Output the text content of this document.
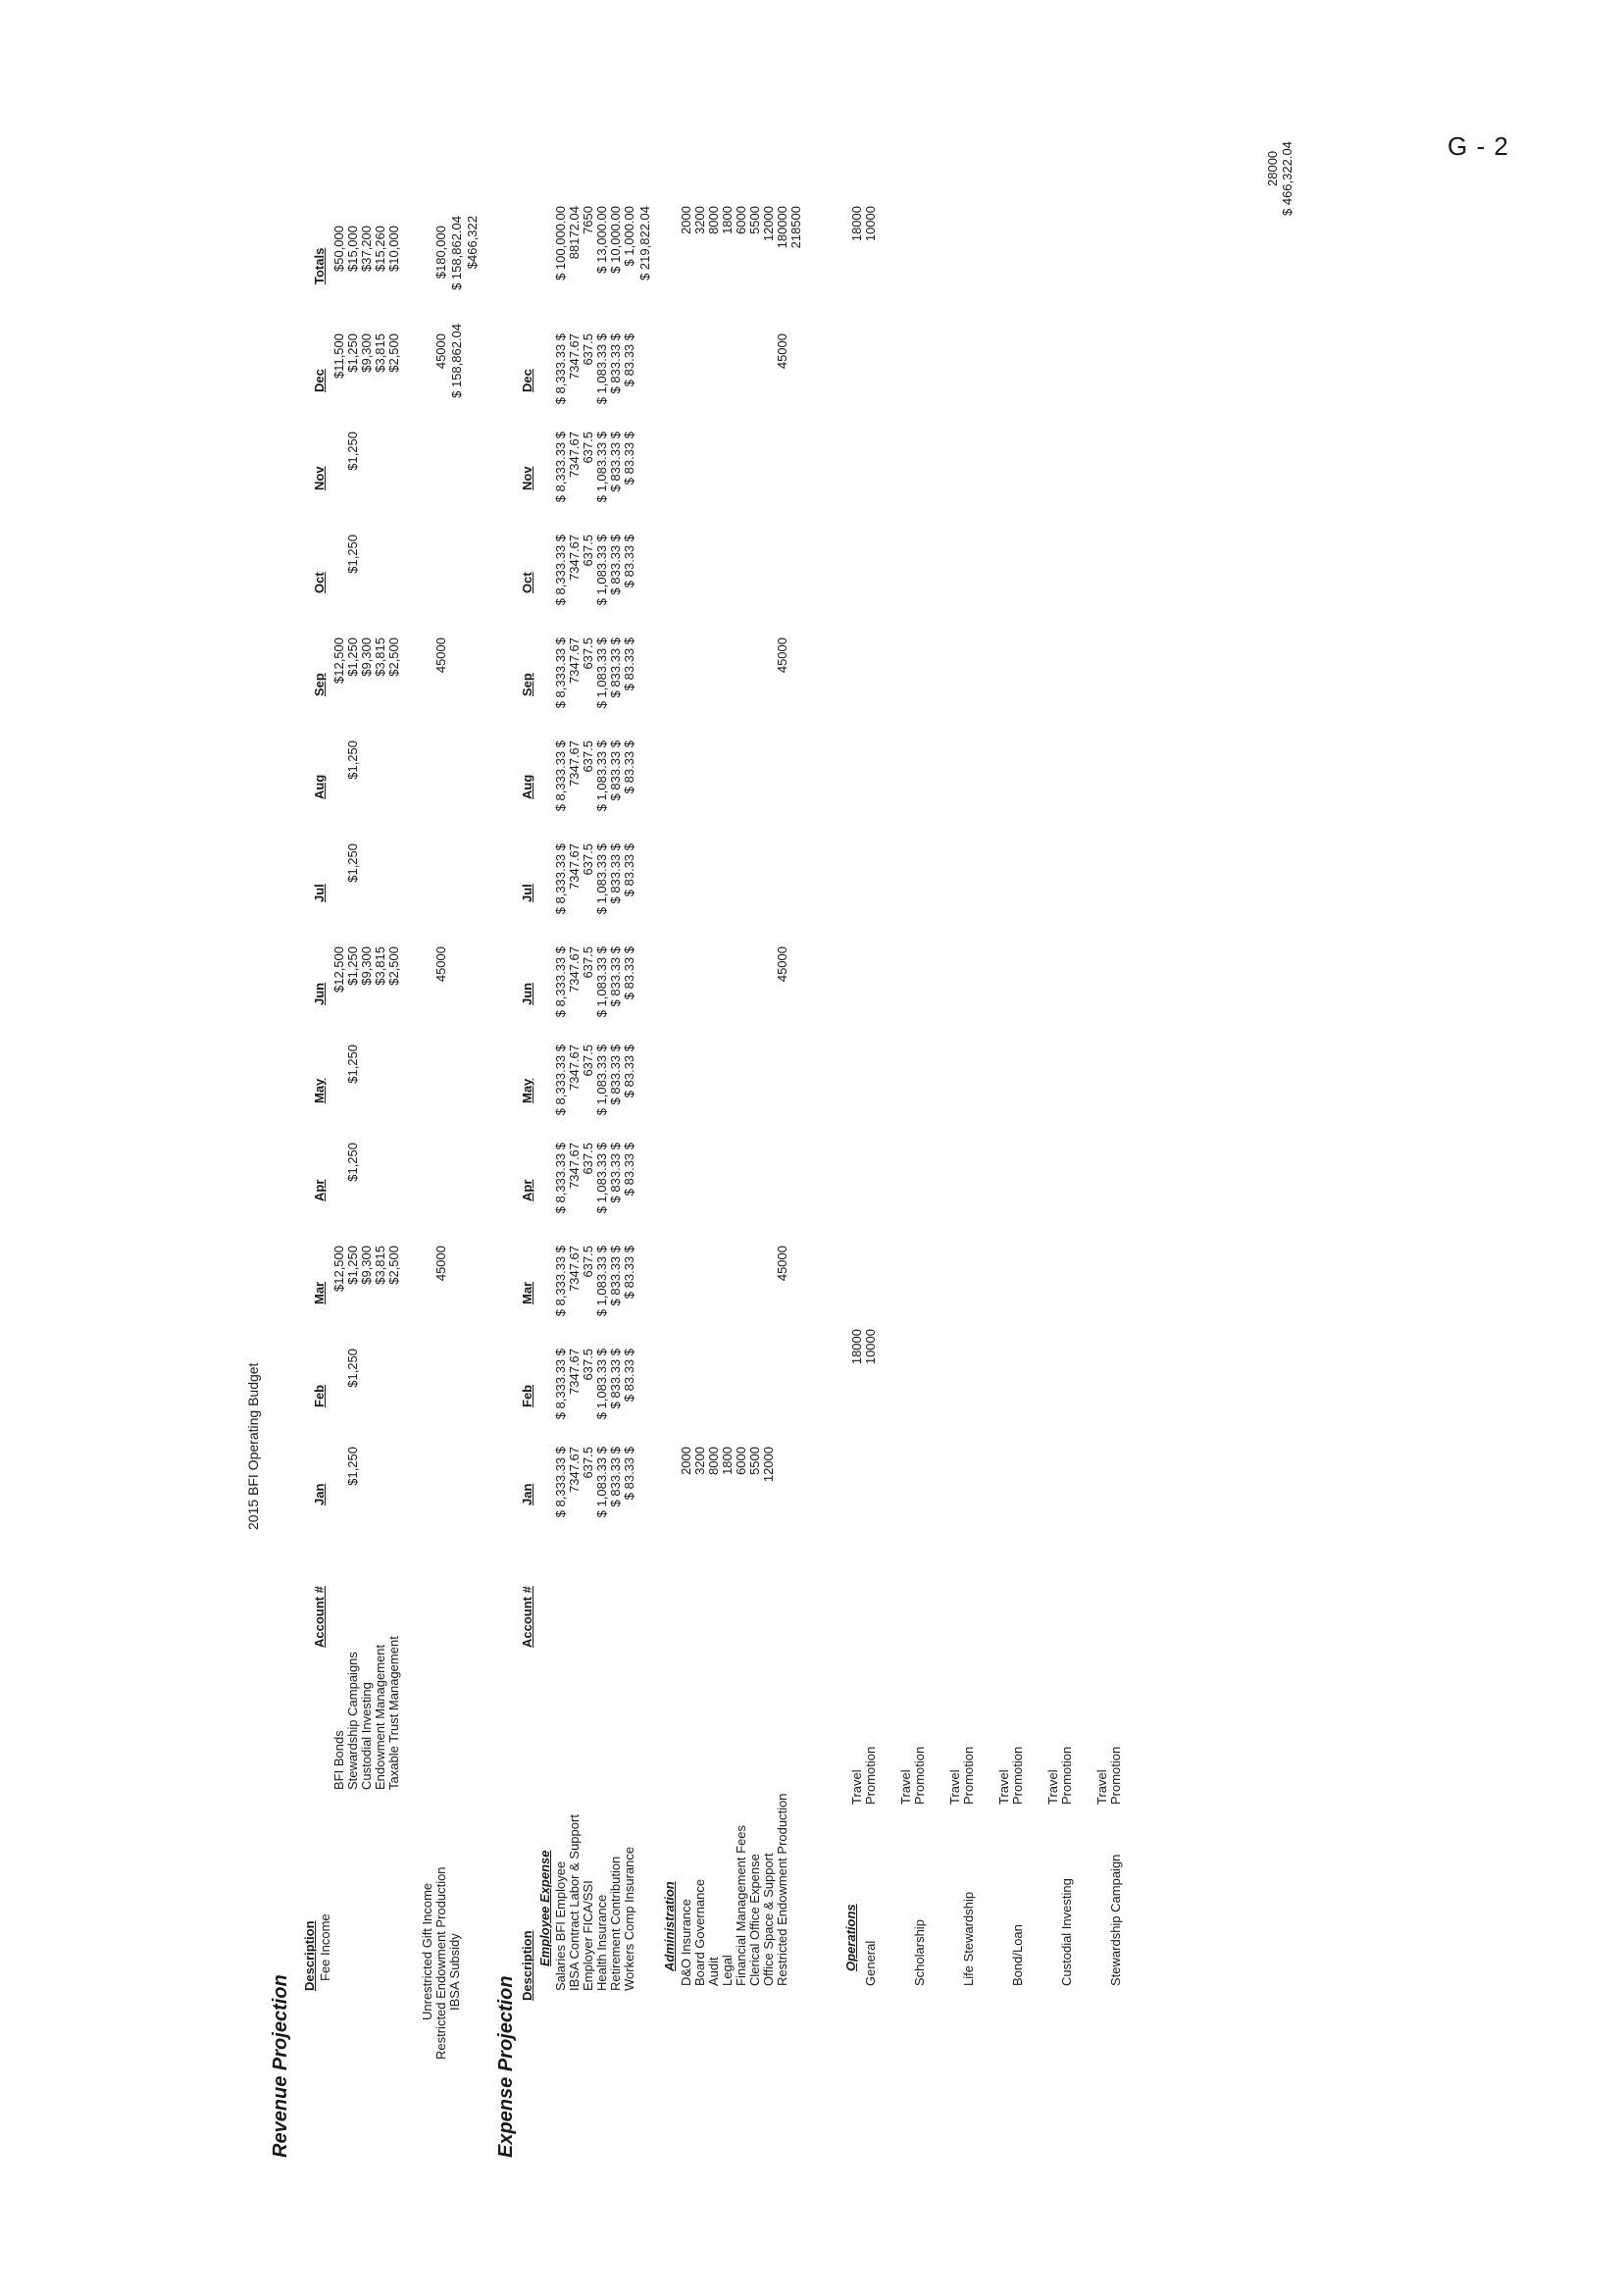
G - 2
2015 BFI Operating Budget
Revenue Projection
Description
Account #
Fee Income
Expense Projection
Description
Account #
Employee Expense	Administration	Operations
28000 $ 466,322.04
Jan
Feb
Mar
Apr
May
Jun
Jul
Aug
Sep
Oct
Nov
Dec
Totals
BFI Bonds Stewardship Campaigns Custodial Investing Endowment Management Taxable Trust Management
Unrestricted Gift Income Restricted Endowment Production IBSA Subsidy
$12,500
$12,500
$12,500
$11,500
$50,000
$1,250
$1,250
$1,250
$1,250
$1,250
$1,250
$1,250
$1,250
$1,250
$1,250
$1,250
$1,250
$15,000
$9,300
$9,300
$9,300
$9,300
$37,200
$3,815
$3,815
$3,815
$3,815
$15,260
$2,500
$2,500
$2,500
$2,500
$10,000
45000
45000
45000
45000
$180,000
$ 158,862.04
$ 158,862.04 $466,322
Jan
Feb
Mar
Apr
May
Jun
Jul
Aug
Sep
Oct
Nov
Dec
Salaries BFI Employee
$ 8,333.33 $
$ 8,333.33 $
$ 8,333.33 $
$ 8,333.33 $
$ 8,333.33 $
$ 8,333.33 $
$ 8,333.33 $
$ 8,333.33 $
$ 8,333.33 $
$ 8,333.33 $
$ 8,333.33 $
$ 8,333.33 $
$ 100,000.00
IBSA Contract Labor & Support
7347.67
7347.67
7347.67
7347.67
7347.67
7347.67
7347.67
7347.67
7347.67
7347.67
7347.67
7347.67
88172.04
Employer FICA/SSI
637.5
637.5
637.5
637.5
637.5
637.5
637.5
637.5
637.5
637.5
637.5
637.5
7650
Health Insurance
$ 1,083.33 $
$ 1,083.33 $
$ 1,083.33 $
$ 1,083.33 $
$ 1,083.33 $
$ 1,083.33 $
$ 1,083.33 $
$ 1,083.33 $
$ 1,083.33 $
$ 1,083.33 $
$ 1,083.33 $
$ 1,083.33 $
$ 13,000.00
Retirement Contribution
$ 833.33 $
$ 833.33 $
$ 833.33 $
$ 833.33 $
$ 833.33 $
$ 833.33 $
$ 833.33 $
$ 833.33 $
$ 833.33 $
$ 833.33 $
$ 833.33 $
$ 833.33 $
$ 10,000.00
Workers Comp Insurance
$ 83.33 $
$ 83.33 $
$ 83.33 $
$ 83.33 $
$ 83.33 $
$ 83.33 $
$ 83.33 $
$ 83.33 $
$ 83.33 $
$ 83.33 $
$ 83.33 $
$ 83.33 $
$ 1,000.00 $ 219,822.04
D&O Insurance
2000
2000
Board Governance
3200
3200
Audit
8000
8000
Legal
1800
1800
Financial Management Fees
6000
6000
Clerical Office Expense
5500
5500
Office Space & Support
12000
12000
Restricted Endowment Production
180000
45000
45000
45000
45000
218500
General
Travel Promotion
Scholarship
Travel Promotion
Life Stewardship
Travel Promotion
Bond/Loan
Travel Promotion
Custodial Investing
Travel Promotion
Stewardship Campaign
Travel Promotion
18000 10000
18000 10000
